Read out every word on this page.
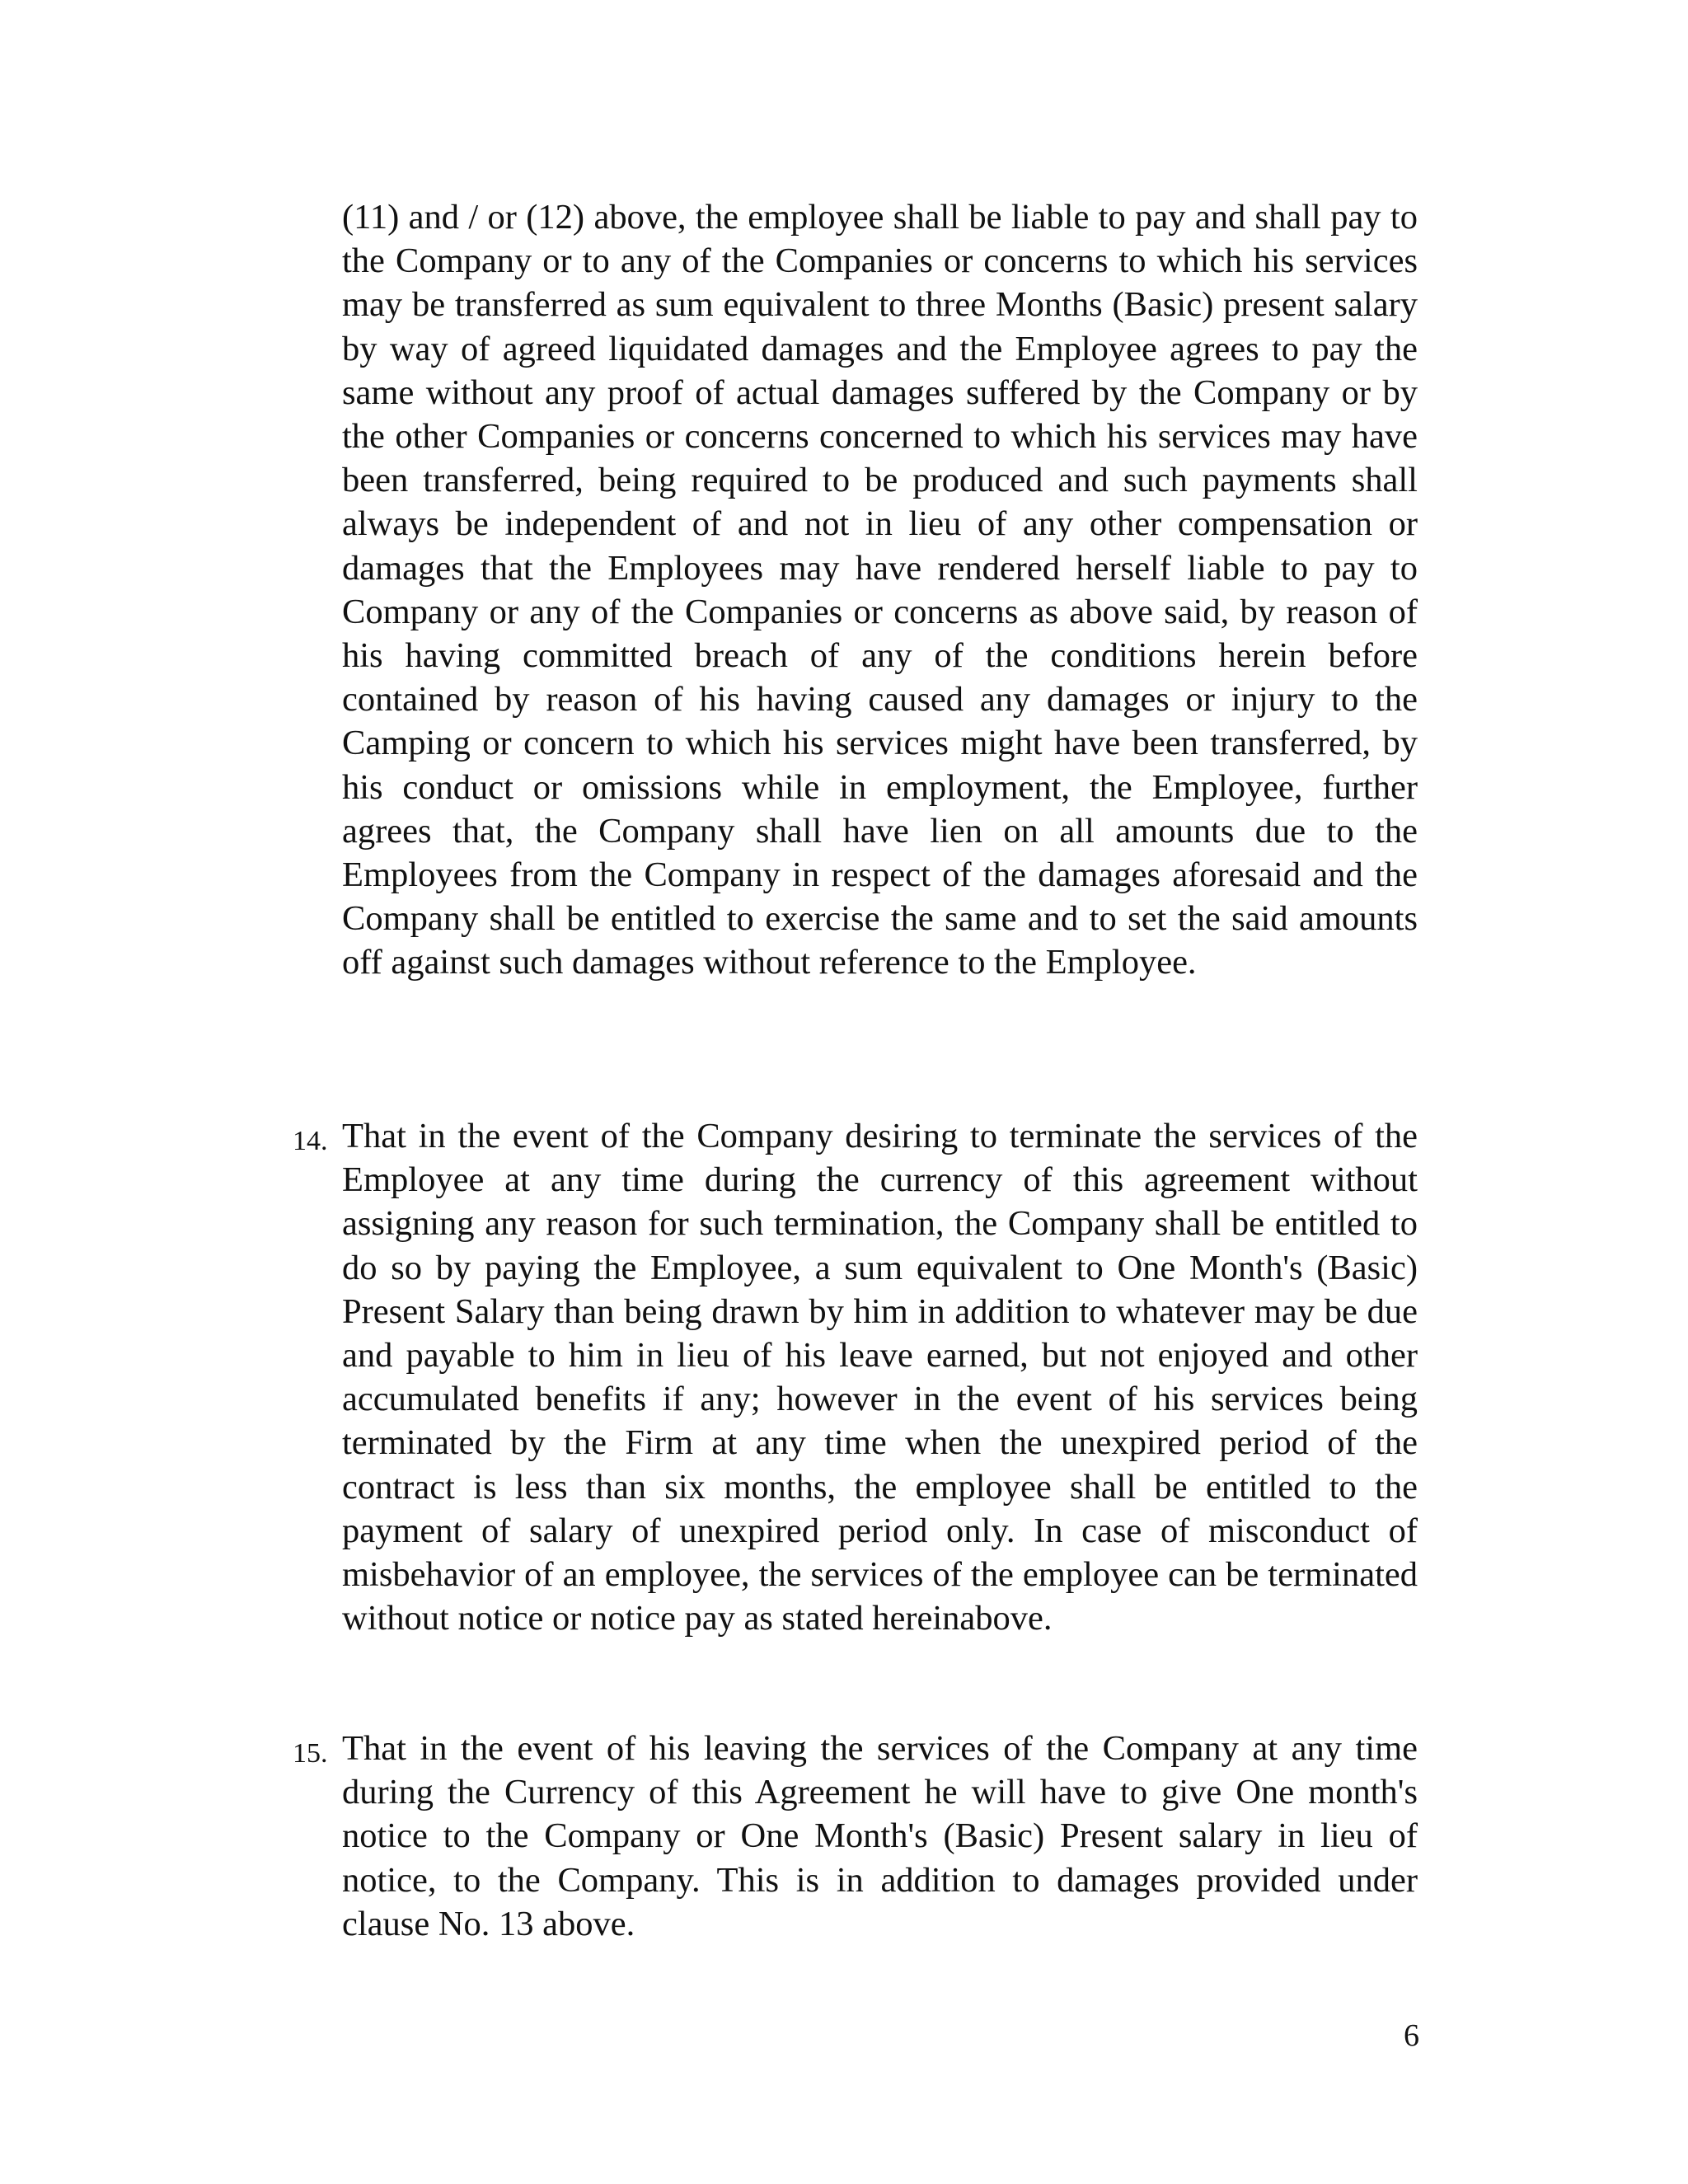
(11) and / or (12) above, the employee shall be liable to pay and shall pay to the Company or to any of the Companies or concerns to which his services may be transferred as sum equivalent to three Months (Basic) present salary by way of agreed liquidated damages and the Employee agrees to pay the same without any proof of actual damages suffered by the Company or by the other Companies or concerns concerned to which his services may have been transferred, being required to be produced and such payments shall always be independent of and not in lieu of any other compensation or damages that the Employees may have rendered herself liable to pay to Company or any of the Companies or concerns as above said, by reason of his having committed breach of any of the conditions herein before contained by reason of his having caused any damages or injury to the Camping or concern to which his services might have been transferred, by his conduct or omissions while in employment, the Employee, further agrees that, the Company shall have lien on all amounts due to the Employees from the Company in respect of the damages aforesaid and the Company shall be entitled to exercise the same and to set the said amounts off against such damages without reference to the Employee.
14. That in the event of the Company desiring to terminate the services of the Employee at any time during the currency of this agreement without assigning any reason for such termination, the Company shall be entitled to do so by paying the Employee, a sum equivalent to One Month's (Basic) Present Salary than being drawn by him in addition to whatever may be due and payable to him in lieu of his leave earned, but not enjoyed and other accumulated benefits if any; however in the event of his services being terminated by the Firm at any time when the unexpired period of the contract is less than six months, the employee shall be entitled to the payment of salary of unexpired period only. In case of misconduct of misbehavior of an employee, the services of the employee can be terminated without notice or notice pay as stated hereinabove.
15. That in the event of his leaving the services of the Company at any time during the Currency of this Agreement he will have to give One month's notice to the Company or One Month's (Basic) Present salary in lieu of notice, to the Company. This is in addition to damages provided under clause No. 13 above.
6
